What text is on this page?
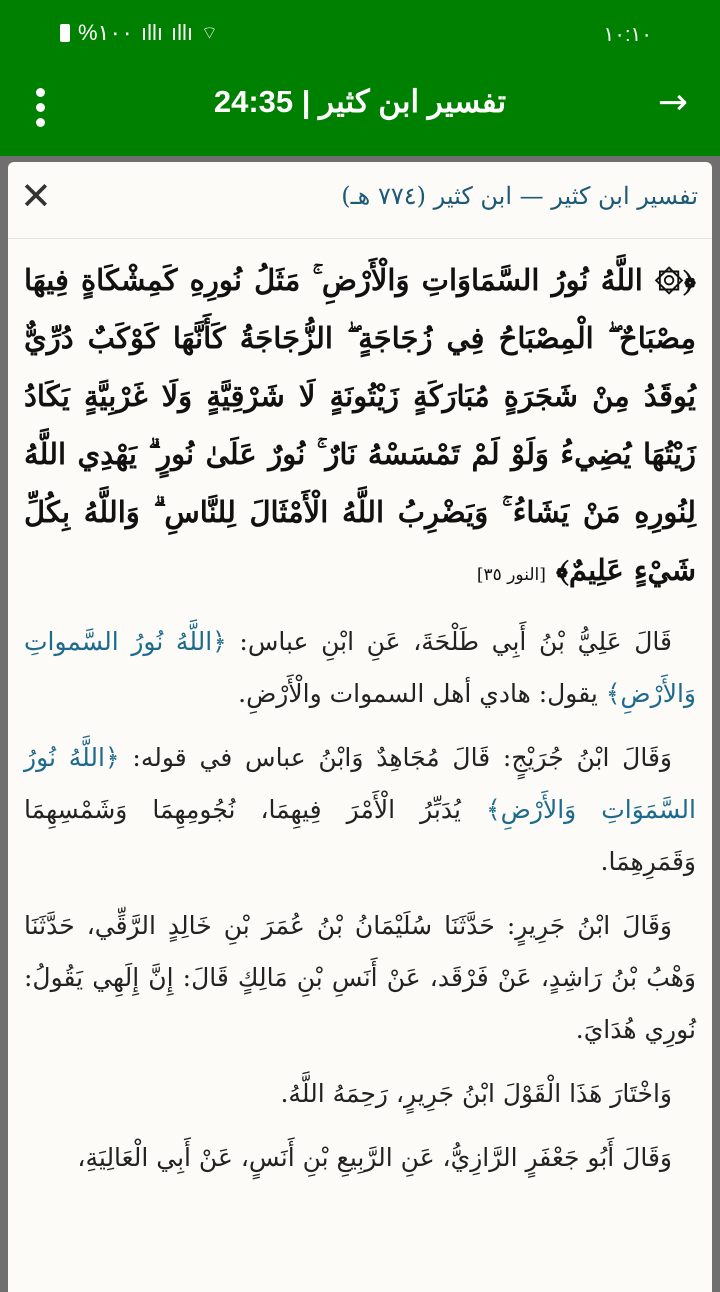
%١٠٠ ıllı ıllı ⌔	١٠:١٠
تفسير ابن كثير | 24:35	→
تفسير ابن كثير — ابن كثير (٧٧٤ هـ)
✕
﴿۞ اللَّهُ نُورُ السَّمَاوَاتِ وَالْأَرْضِ ۚ مَثَلُ نُورِهِ كَمِشْكَاةٍ فِيهَا مِصْبَاحٌ ۖ الْمِصْبَاحُ فِي زُجَاجَةٍ ۖ الزُّجَاجَةُ كَأَنَّهَا كَوْكَبٌ دُرِّيٌّ يُوقَدُ مِنْ شَجَرَةٍ مُبَارَكَةٍ زَيْتُونَةٍ لَا شَرْقِيَّةٍ وَلَا غَرْبِيَّةٍ يَكَادُ زَيْتُهَا يُضِيءُ وَلَوْ لَمْ تَمْسَسْهُ نَارٌ ۚ نُورٌ عَلَىٰ نُورٍ ۗ يَهْدِي اللَّهُ لِنُورِهِ مَنْ يَشَاءُ ۚ وَيَضْرِبُ اللَّهُ الْأَمْثَالَ لِلنَّاسِ ۗ وَاللَّهُ بِكُلِّ شَيْءٍ عَلِيمٌ﴾ [النور ٣٥]

قَالَ عَلِيُّ بْنُ أَبِي طَلْحَةَ، عَنِ ابْنِ عباس: ﴿اللَّهُ نُورُ السَّمواتِ وَالأَرْضِ﴾ يقول: هادي أهل السموات والْأَرْضِ.

وَقَالَ ابْنُ جُرَيْجٍ: قَالَ مُجَاهِدٌ وَابْنُ عباس في قوله: ﴿اللَّهُ نُورُ السَّمَوَاتِ وَالأَرْضِ﴾ يُدَبِّرُ الْأَمْرَ فِيهِمَا، نُجُومِهِمَا وَشَمْسِهِمَا وَقَمَرِهِمَا.

وَقَالَ ابْنُ جَرِيرٍ: حَدَّثَنَا سُلَيْمَانُ بْنُ عُمَرَ بْنِ خَالِدٍ الرَّقِّي، حَدَّثَنَا وَهْبُ بْنُ رَاشِدٍ، عَنْ فَرْقَد، عَنْ أَنَسِ بْنِ مَالِكٍ قَالَ: إِنَّ إِلَهِي يَقُولُ: نُورِي هُدَايَ.

وَاخْتَارَ هَذَا الْقَوْلَ ابْنُ جَرِيرٍ، رَحِمَهُ اللَّهُ.

وَقَالَ أَبُو جَعْفَرٍ الرَّازِيُّ، عَنِ الرَّبِيعِ بْنِ أَنَسٍ، عَنْ أَبِي الْعَالِيَةِ،
